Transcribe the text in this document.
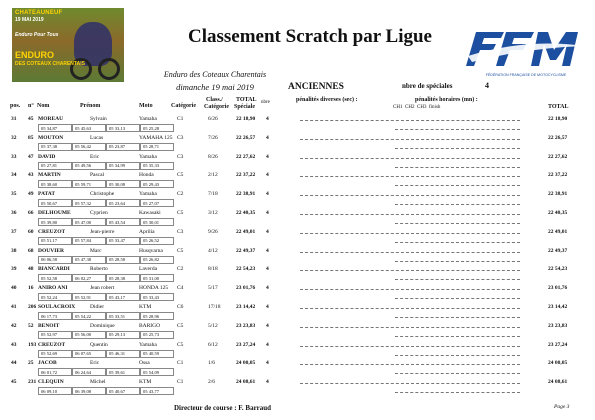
CHATEAUNEUF
19 MAI 2019
Enduro Pour Tous
ENDURO
DES COTEAUX CHARENTAIS
Classement Scratch par Ligue
Enduro des Coteaux Charentais
dimanche 19 mai 2019	ANCIENNES	nbre de spéciales	4
FÉDÉRATION FRANÇAISE DE MOTOCYCLISME
pos. n° Nom	Prénom	Moto	Catégorie
Class./
Catégorie
TOTAL
Spéciale
nbre	pénalités diverses (sec) :	pénalités horaires (mn) :
CH1 CH2 CH3 finish	TOTAL
31 45 MOREAU	Sylvain	Yamaha	C1	6/26	22 18,90 4	22 18,90
05 34,87	05 45,63	05 33,13	05 25,28
32 85 MOUTON	Lucas	YAMAHA 125 C3	7/26	22 26,57 4	22 26,57
05 37,38	05 56,42	05 23,87	05 28,71
33 47 DAVID	Eric	Yamaha	C3	8/26	22 27,62 4	22 27,62
05 27,81	05 49,56	05 34,99	05 35,33
34 43 MARTIN	Pascal	Honda	C5	2/12	22 37,22 4	22 37,22
05 38,60	05 59,71	05 30,08	05 29,43
35 49 PATAT	Christophe	Yamaha	C2	7/18	22 38,91 4	22 38,91
05 50,67	05 57,32	05 23,64	05 27,07
36 66 DELHOUME	Cyprien	Kawasaki	C5	3/12	22 40,35 4	22 40,35
05 39,80	05 47,00	05 43,54	05 30,01
37 60 CREUZOT	Jean-pierre	Aprilia	C3	9/26	22 49,01 4	22 49,01
05 51,17	05 57,84	05 33,47	05 26,52
38 68 DOUVIER	Marc	Husqvarna	C5	4/12	22 49,37 4	22 49,37
06 06,58	05 47,38	05 28,58	05 26,82
39 48 BIANCARDI	Roberto	Laverda	C2	8/18	22 54,23 4	22 54,23
05 52,58	06 02,27	05 28,38	05 31,00
40 16 ANIRO ANI	Jean robert	HONDA 125 C4	5/17	23 01,76 4	23 01,76
05 52,24	05 52,91	05 43,17	05 33,43
41 206 SOULACROIX	Didier	KTM	C6	17/18	23 14,42 4	23 14,42
06 17,73	05 54,22	05 33,51	05 28,96
42 52 BENOIT	Dominique	BARIGO	C5	5/12	23 23,83 4	23 23,83
05 52,97	05 56,00	05 29,13	05 25,73
43 193 CREUZOT	Quentin	Yamaha	C5	6/12	23 27,24 4	23 27,24
05 52,69	06 07,65	05 46,31	05 40,59
44 25 JACOB	Eric	Ossa	C1	1/6	24 00,05 4	24 00,05
06 01,72	06 24,64	05 39,61	05 54,09
45 231 CLEQUIN	Michel	KTM	C1	2/6	24 08,61 4	24 08,61
06 09,10	06 39,08	05 40,67	05 43,77
Directeur de course : F. Barraud	Page 3
